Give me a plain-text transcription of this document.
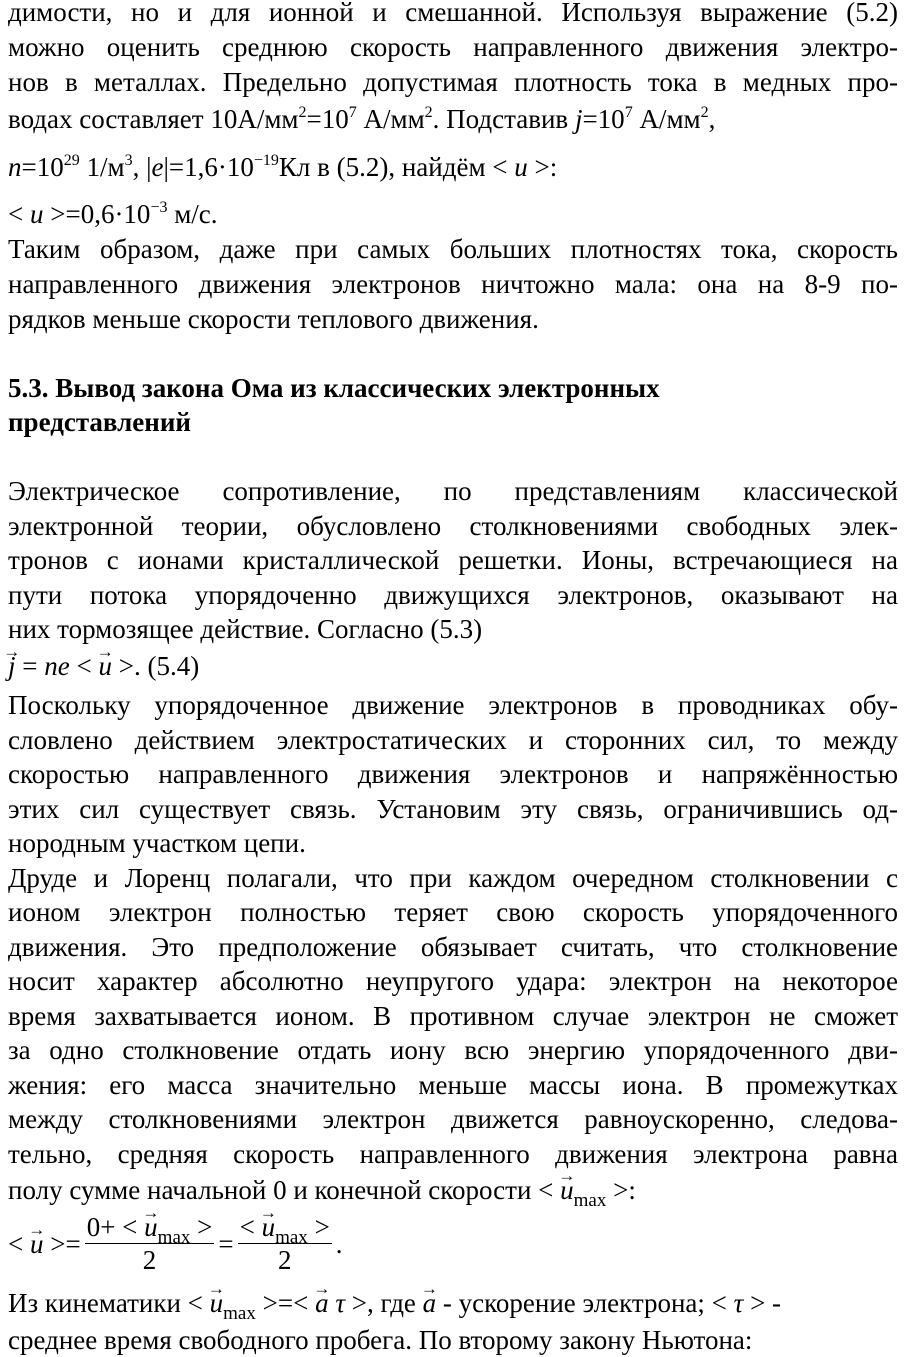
димости, но и для ионной и смешанной. Используя выражение (5.2)
можно оценить среднюю скорость направленного движения электро-
нов в металлах. Предельно допустимая плотность тока в медных про-
водах составляет $10А/мм^2=10^7$ $А/мм^2$. Подставив $j=10^7$ $А/мм^2$,
$n=10^{29}$ $1/м^3$, $|e|=1,6\cdot 10^{-19}Кл$ в (5.2), найдём < u >:
< $u >=0,6\cdot 10^{-3}$ м/с.
Таким образом, даже при самых больших плотностях тока, скорость
направленного движения электронов ничтожно мала: она на 8-9 по-
рядков меньше скорости теплового движения.
5.3. Вывод закона Ома из классических электронных
представлений
Электрическое сопротивление, по представлениям классической
электронной теории, обусловлено столкновениями свободных элек-
тронов с ионами кристаллической решетки. Ионы, встречающиеся на
пути потока упорядоченно движущихся электронов, оказывают на
них тормозящее действие. Согласно (5.3)
→ j = ne < → u >. (5.4)
Поскольку упорядоченное движение электронов в проводниках обу-
словлено действием электростатических и сторонних сил, то между
скоростью направленного движения электронов и напряжённостью
этих сил существует связь. Установим эту связь, ограничившись од-
нородным участком цепи.
Друде и Лоренц полагали, что при каждом очередном столкновении с
ионом электрон полностью теряет свою скорость упорядоченного
движения. Это предположение обязывает считать, что столкновение
носит характер абсолютно неупругого удара: электрон на некоторое
время захватывается ионом. В противном случае электрон не сможет
за одно столкновение отдать иону всю энергию упорядоченного дви-
жения: его масса значительно меньше массы иона. В промежутках
между столкновениями электрон движется равноускоренно, следова-
тельно, средняя скорость направленного движения электрона равна
полу сумме начальной 0 и конечной скорости < → $u_{max}$ >:
< → $u >= \frac{0+ < \to u_{max} >}{2} = \frac{< \to u_{max} >}{2}$ .
Из кинематики < → $u_{max}$ >=< → a τ >, где → a - ускорение электрона; < τ > -
среднее время свободного пробега. По второму закону Ньютона:
